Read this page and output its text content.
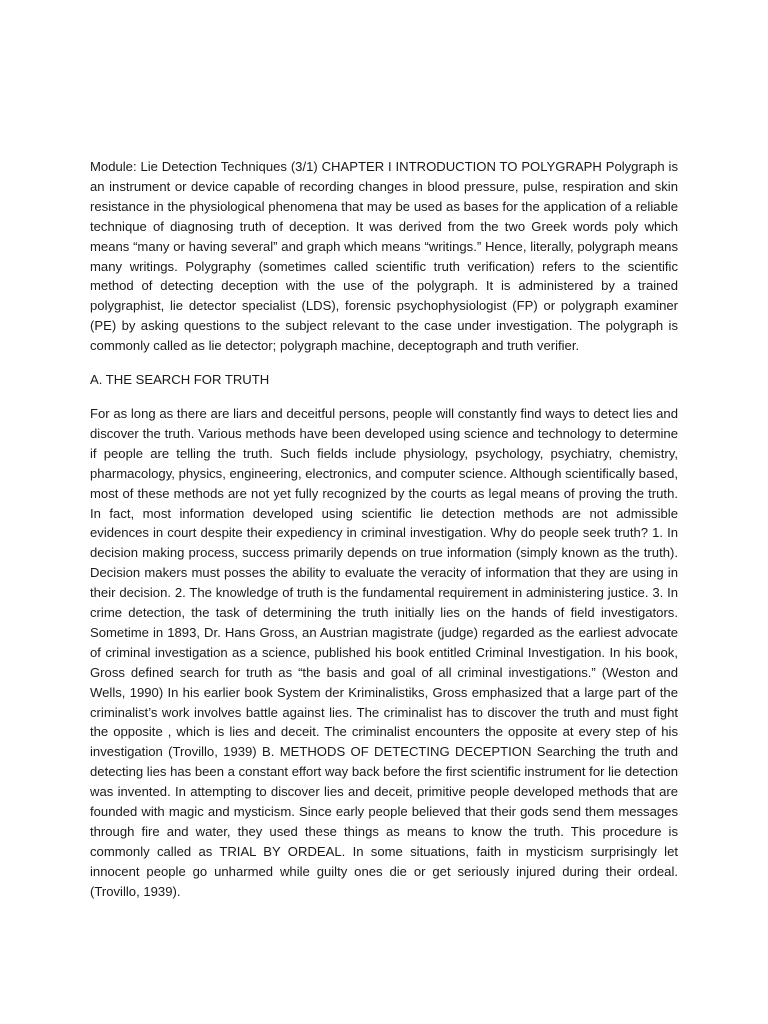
Module: Lie Detection Techniques (3/1) CHAPTER I INTRODUCTION TO POLYGRAPH Polygraph is an instrument or device capable of recording changes in blood pressure, pulse, respiration and skin resistance in the physiological phenomena that may be used as bases for the application of a reliable technique of diagnosing truth of deception. It was derived from the two Greek words poly which means “many or having several” and graph which means “writings.” Hence, literally, polygraph means many writings. Polygraphy (sometimes called scientific truth verification) refers to the scientific method of detecting deception with the use of the polygraph. It is administered by a trained polygraphist, lie detector specialist (LDS), forensic psychophysiologist (FP) or polygraph examiner (PE) by asking questions to the subject relevant to the case under investigation. The polygraph is commonly called as lie detector; polygraph machine, deceptograph and truth verifier.

A. THE SEARCH FOR TRUTH

For as long as there are liars and deceitful persons, people will constantly find ways to detect lies and discover the truth. Various methods have been developed using science and technology to determine if people are telling the truth. Such fields include physiology, psychology, psychiatry, chemistry, pharmacology, physics, engineering, electronics, and computer science. Although scientifically based, most of these methods are not yet fully recognized by the courts as legal means of proving the truth. In fact, most information developed using scientific lie detection methods are not admissible evidences in court despite their expediency in criminal investigation. Why do people seek truth? 1. In decision making process, success primarily depends on true information (simply known as the truth). Decision makers must posses the ability to evaluate the veracity of information that they are using in their decision. 2. The knowledge of truth is the fundamental requirement in administering justice. 3. In crime detection, the task of determining the truth initially lies on the hands of field investigators. Sometime in 1893, Dr. Hans Gross, an Austrian magistrate (judge) regarded as the earliest advocate of criminal investigation as a science, published his book entitled Criminal Investigation. In his book, Gross defined search for truth as “the basis and goal of all criminal investigations.” (Weston and Wells, 1990) In his earlier book System der Kriminalistiks, Gross emphasized that a large part of the criminalist’s work involves battle against lies. The criminalist has to discover the truth and must fight the opposite , which is lies and deceit. The criminalist encounters the opposite at every step of his investigation (Trovillo, 1939) B. METHODS OF DETECTING DECEPTION Searching the truth and detecting lies has been a constant effort way back before the first scientific instrument for lie detection was invented. In attempting to discover lies and deceit, primitive people developed methods that are founded with magic and mysticism. Since early people believed that their gods send them messages through fire and water, they used these things as means to know the truth. This procedure is commonly called as TRIAL BY ORDEAL. In some situations, faith in mysticism surprisingly let innocent people go unharmed while guilty ones die or get seriously injured during their ordeal. (Trovillo, 1939).
